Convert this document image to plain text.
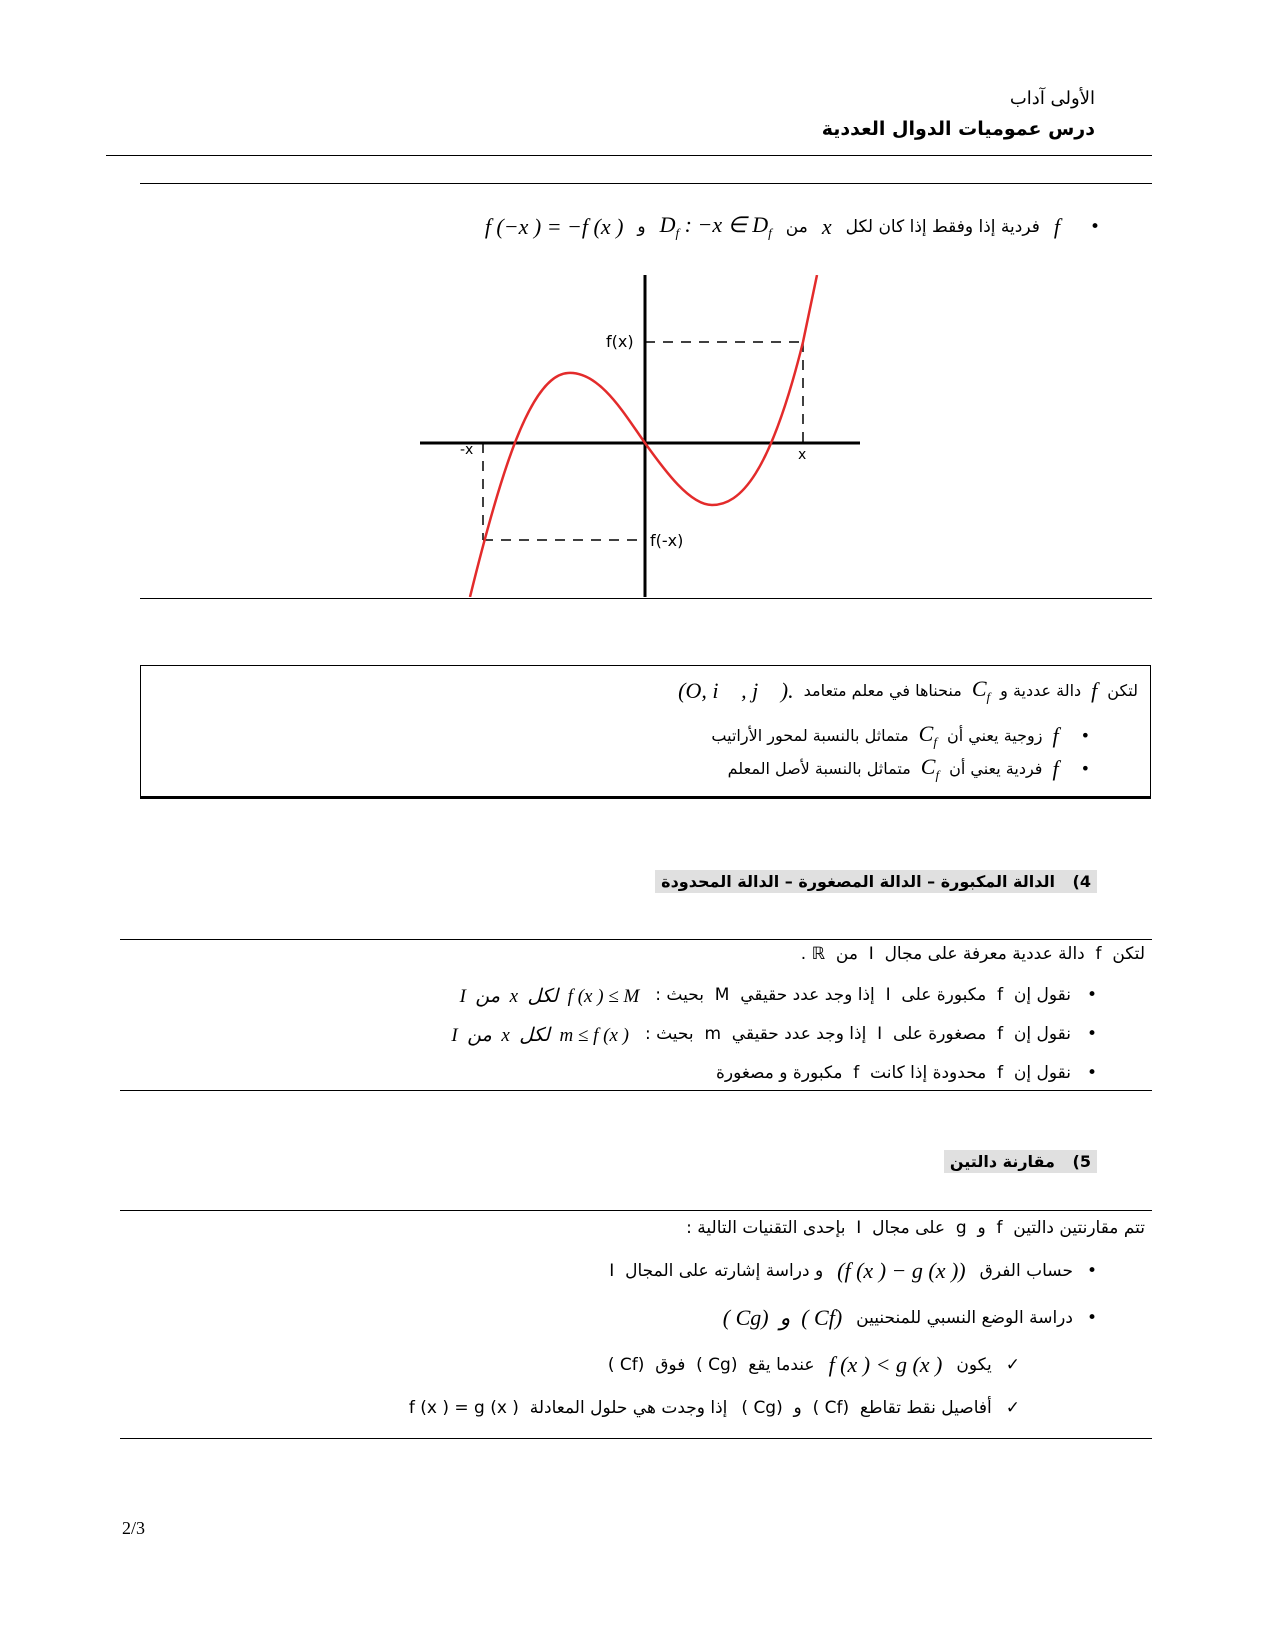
الأولى آداب
درس عموميات الدوال العددية
•
f
فردية إذا وفقط إذا كان لكل
x
من
$D_f$ : −x ∈ $D_f$
و
f (−x ) = −f (x )
f(x)
f(-x)
x
-x
لتكن
f
دالة عددية و
$C_f$
منحناها في معلم متعامد
(O, i⃗ , j⃗ ).
•
f
زوجية يعني أن
$C_f$
متماثل بالنسبة لمحور الأراتيب
•
f
فردية يعني أن
$C_f$
متماثل بالنسبة لأصل المعلم
4) الدالة المكبورة – الدالة المصغورة – الدالة المحدودة
لتكن  f  دالة عددية معرفة على مجال  I  من  ℝ .
•
نقول إن  f  مكبورة على  I  إذا وجد عدد حقيقي  M  بحيث :
f (x ) ≤ M  لكل  x  من  I
•
نقول إن  f  مصغورة على  I  إذا وجد عدد حقيقي  m  بحيث :
m ≤ f (x )  لكل  x  من  I
•
نقول إن  f  محدودة إذا كانت  f  مكبورة و مصغورة
5) مقارنة دالتين
تتم مقارنتين دالتين  f  و  g  على مجال  I  بإحدى التقنيات التالية :
•
حساب الفرق
(f (x ) − g (x ))
و دراسة إشارته على المجال  I
•
دراسة الوضع النسبي للمنحنيين
(Cf )  و  (Cg )
✓
يكون
f (x ) < g (x )
عندما يقع  (Cg )  فوق  (Cf )
✓
أفاصيل نقط تقاطع  (Cf )  و  (Cg )
إذا وجدت هي حلول المعادلة  f (x ) = g (x )
2/3
